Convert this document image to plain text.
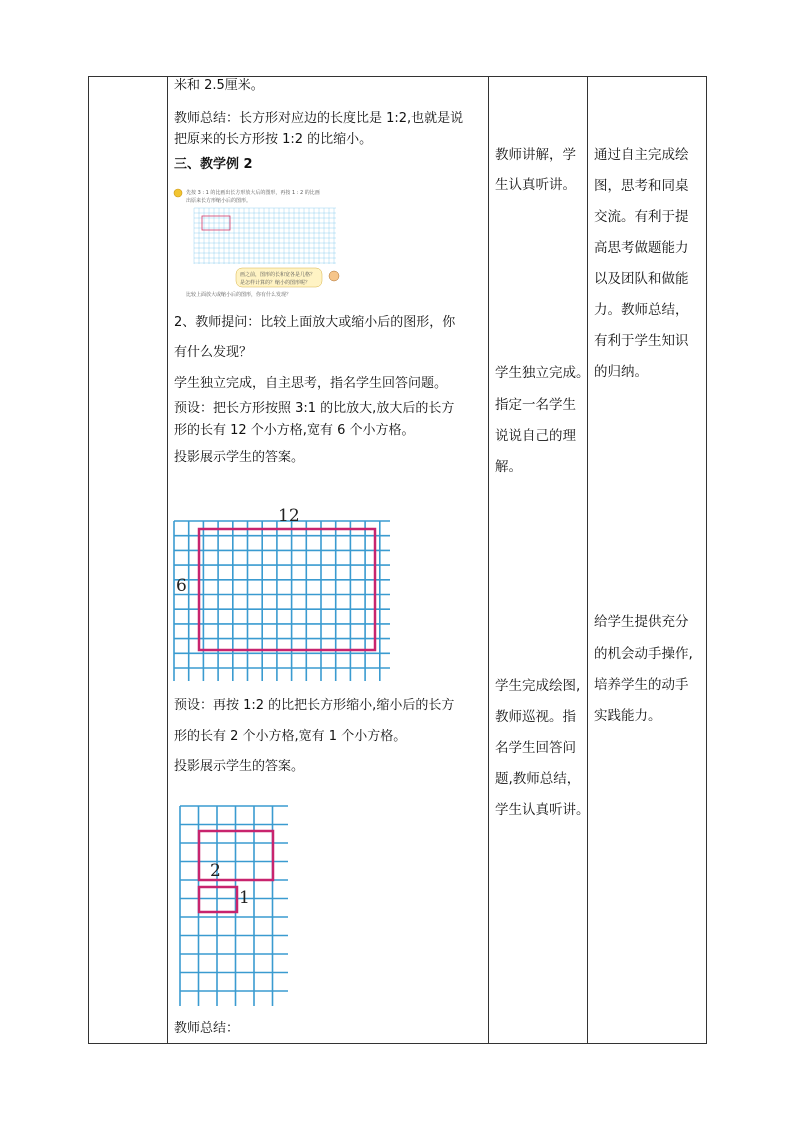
米和 2.5厘米。
教师总结：长方形对应边的长度比是 1:2,也就是说
把原来的长方形按 1:2 的比缩小。
三、教学例 2
先按 3 : 1 的比画出长方形放大后的图形，再按 1 : 2 的比画
出原来长方形缩小后的图形。
画之前，图形的长和宽各是几格？
是怎样计算的？缩小的图形呢？
比较上面放大或缩小后的图形，你有什么发现？
2、教师提问：比较上面放大或缩小后的图形，你
有什么发现？
学生独立完成，自主思考，指名学生回答问题。
预设：把长方形按照 3:1 的比放大,放大后的长方
形的长有 12 个小方格,宽有 6 个小方格。
投影展示学生的答案。
12
6
预设：再按 1:2 的比把长方形缩小,缩小后的长方
形的长有 2 个小方格,宽有 1 个小方格。
投影展示学生的答案。
2
1
教师总结：
教师讲解，学
生认真听讲。
学生独立完成。
指定一名学生
说说自己的理
解。
学生完成绘图,
教师巡视。指
名学生回答问
题,教师总结，
学生认真听讲。
通过自主完成绘
图，思考和同桌
交流。有利于提
高思考做题能力
以及团队和做能
力。教师总结，
有利于学生知识
的归纳。
给学生提供充分
的机会动手操作,
培养学生的动手
实践能力。
